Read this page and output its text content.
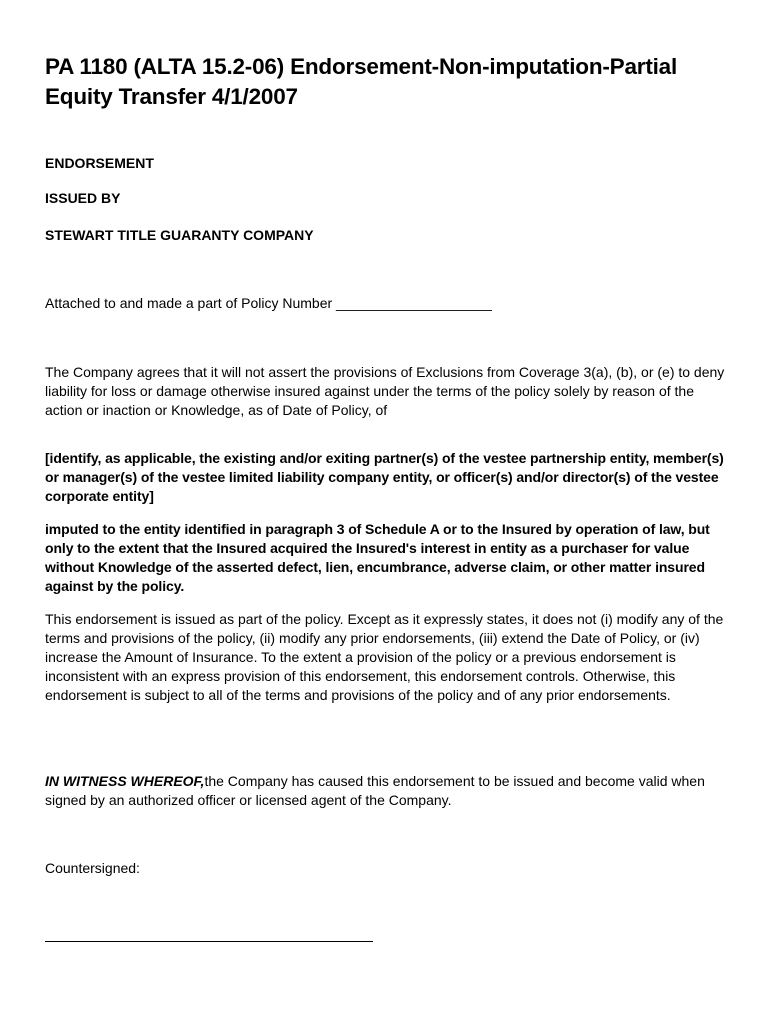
PA 1180 (ALTA 15.2-06) Endorsement-Non-imputation-Partial Equity Transfer 4/1/2007
ENDORSEMENT
ISSUED BY
STEWART TITLE GUARANTY COMPANY
Attached to and made a part of Policy Number ____________________
The Company agrees that it will not assert the provisions of Exclusions from Coverage 3(a), (b), or (e) to deny liability for loss or damage otherwise insured against under the terms of the policy solely by reason of the action or inaction or Knowledge, as of Date of Policy, of
[identify, as applicable, the existing and/or exiting partner(s) of the vestee partnership entity, member(s) or manager(s) of the vestee limited liability company entity, or officer(s) and/or director(s) of the vestee corporate entity]
imputed to the entity identified in paragraph 3 of Schedule A or to the Insured by operation of law, but only to the extent that the Insured acquired the Insured's interest in entity as a purchaser for value without Knowledge of the asserted defect, lien, encumbrance, adverse claim, or other matter insured against by the policy.
This endorsement is issued as part of the policy. Except as it expressly states, it does not (i) modify any of the terms and provisions of the policy, (ii) modify any prior endorsements, (iii) extend the Date of Policy, or (iv) increase the Amount of Insurance. To the extent a provision of the policy or a previous endorsement is inconsistent with an express provision of this endorsement, this endorsement controls. Otherwise, this endorsement is subject to all of the terms and provisions of the policy and of any prior endorsements.
IN WITNESS WHEREOF,the Company has caused this endorsement to be issued and become valid when signed by an authorized officer or licensed agent of the Company.
Countersigned:
